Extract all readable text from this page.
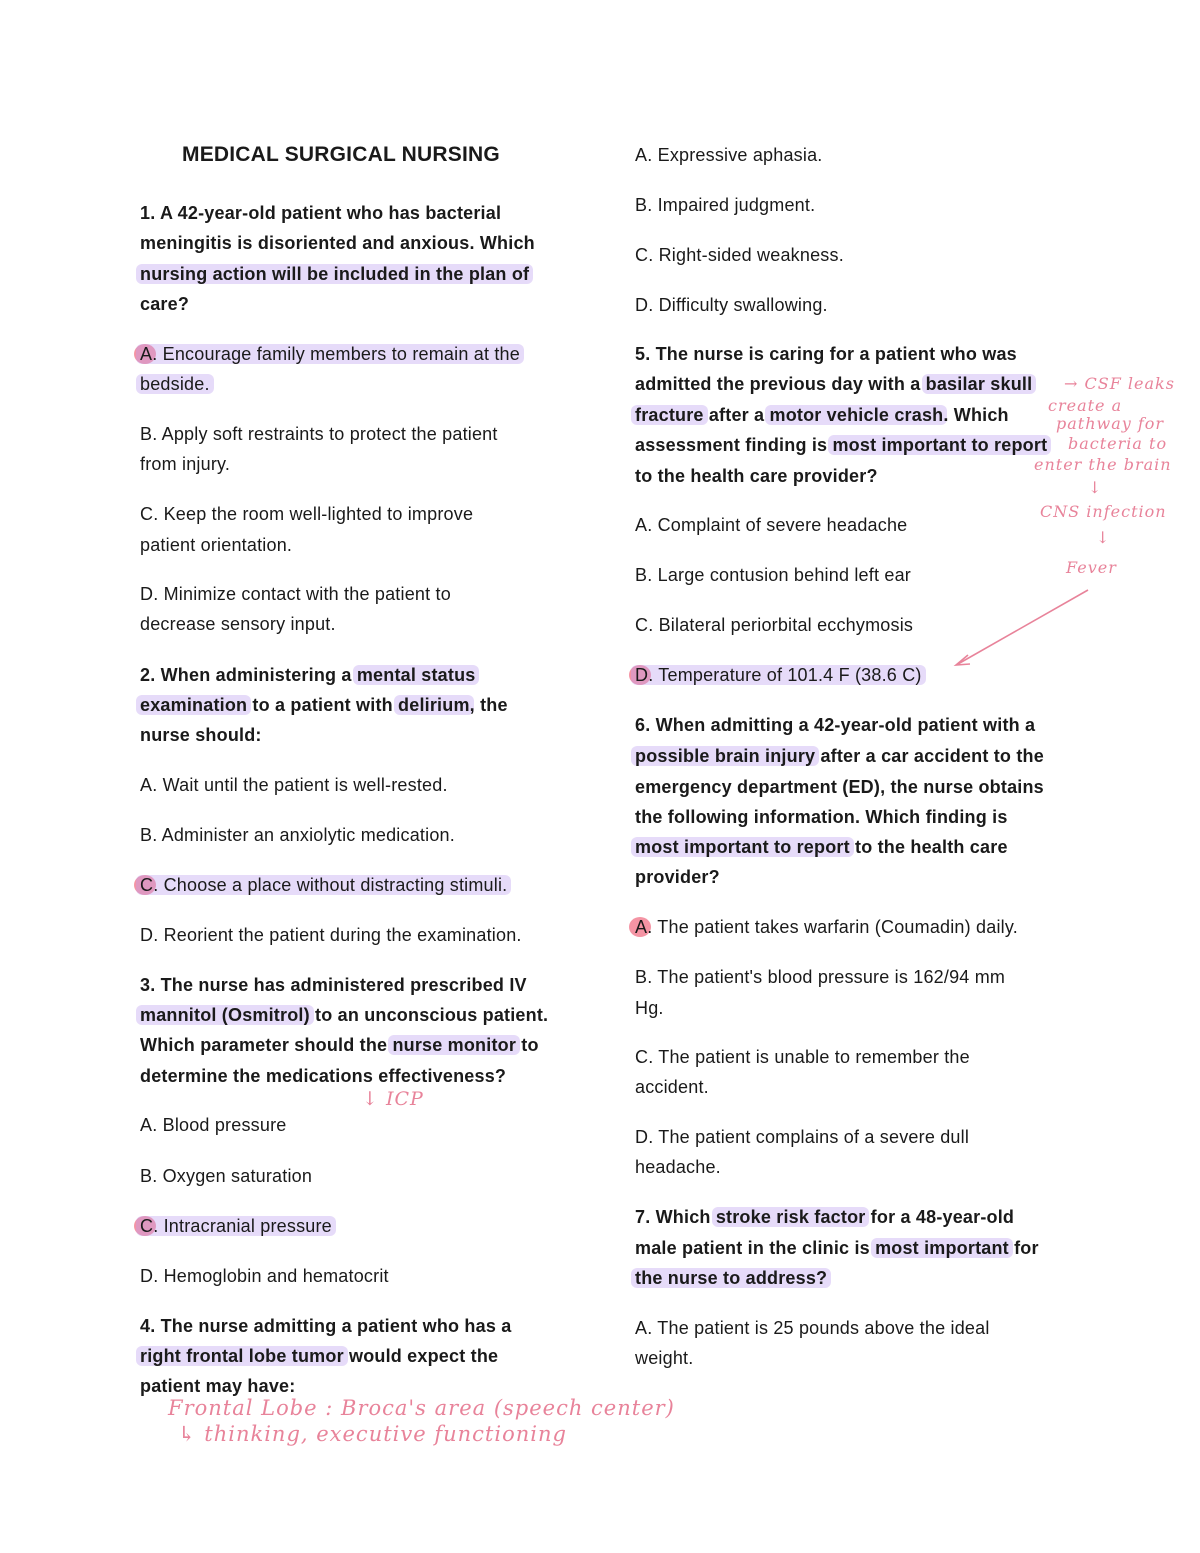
MEDICAL SURGICAL NURSING
1. A 42-year-old patient who has bacterial
meningitis is disoriented and anxious. Which
nursing action will be included in the plan of
care?
A. Encourage family members to remain at the
bedside.
B. Apply soft restraints to protect the patient
from injury.
C. Keep the room well-lighted to improve
patient orientation.
D. Minimize contact with the patient to
decrease sensory input.
2. When administering a mental status
examination to a patient with delirium, the
nurse should:
A. Wait until the patient is well-rested.
B. Administer an anxiolytic medication.
C. Choose a place without distracting stimuli.
D. Reorient the patient during the examination.
3. The nurse has administered prescribed IV
mannitol (Osmitrol) to an unconscious patient.
Which parameter should the nurse monitor to
determine the medications effectiveness?
A. Blood pressure
B. Oxygen saturation
C. Intracranial pressure
D. Hemoglobin and hematocrit
4. The nurse admitting a patient who has a
right frontal lobe tumor would expect the
patient may have:
↓ ICP
Frontal Lobe : Broca's area (speech center)
↳ thinking, executive functioning
A. Expressive aphasia.
B. Impaired judgment.
C. Right-sided weakness.
D. Difficulty swallowing.
5. The nurse is caring for a patient who was
admitted the previous day with a basilar skull
fracture after a motor vehicle crash. Which
assessment finding is most important to report
to the health care provider?
A. Complaint of severe headache
B. Large contusion behind left ear
C. Bilateral periorbital ecchymosis
D. Temperature of 101.4 F (38.6 C)
6. When admitting a 42-year-old patient with a
possible brain injury after a car accident to the
emergency department (ED), the nurse obtains
the following information. Which finding is
most important to report to the health care
provider?
A. The patient takes warfarin (Coumadin) daily.
B. The patient's blood pressure is 162/94 mm
Hg.
C. The patient is unable to remember the
accident.
D. The patient complains of a severe dull
headache.
7. Which stroke risk factor for a 48-year-old
male patient in the clinic is most important for
the nurse to address?
A. The patient is 25 pounds above the ideal
weight.
→ CSF leaks
create a
pathway for
bacteria to
enter the brain
↓
CNS infection
↓
Fever
